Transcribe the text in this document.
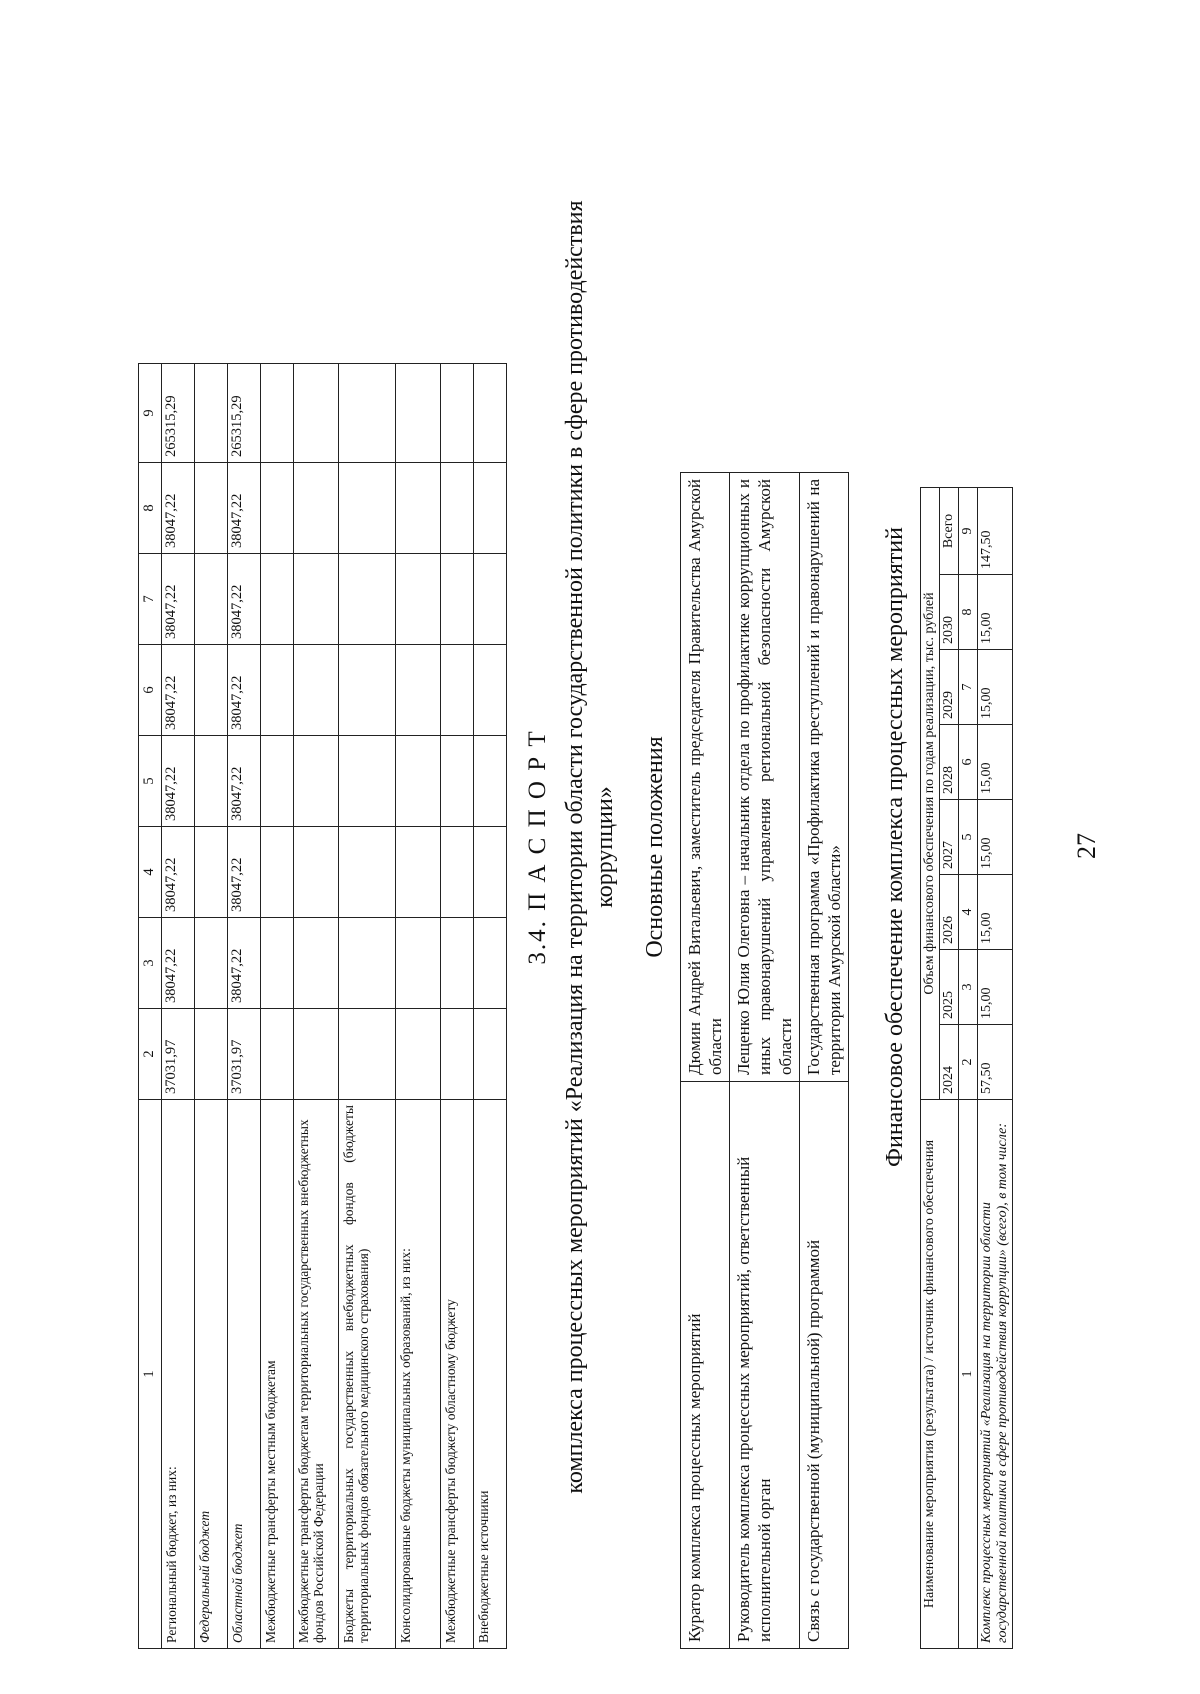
27
1	2	3	4	5	6	7	8	9
Региональный бюджет, из них:	37031,97	38047,22	38047,22	38047,22	38047,22	38047,22	38047,22	265315,29
Федеральный бюджет								
Областной бюджет	37031,97	38047,22	38047,22	38047,22	38047,22	38047,22	38047,22	265315,29
Межбюджетные трансферты местным бюджетам								
Межбюджетные трансферты бюджетам территориальных государственных внебюджетных фондов Российской Федерации								
Бюджеты территориальных государственных внебюджетных фондов (бюджеты территориальных фондов обязательного медицинского страхования)								
Консолидированные бюджеты муниципальных образований, из них:								
Межбюджетные трансферты бюджету областному бюджету								
Внебюджетные источники								
3.4. П А С П О Р Т комплекса процессных мероприятий «Реализация на территории области государственной политики в сфере противодействия коррупции» Основные положения
Куратор комплекса процессных мероприятий	Дюмин Андрей Витальевич, заместитель председателя Правительства Амурской области
Руководитель комплекса процессных мероприятий, ответственный исполнительной орган	Лещенко Юлия Олеговна – начальник отдела по профилактике коррупционных и иных правонарушений управления региональной безопасности Амурской области
Связь с государственной (муниципальной) программой	Государственная программа «Профилактика преступлений и правонарушений на территории Амурской области» Финансовое обеспечение комплекса процессных мероприятий
Наименование мероприятия (результата) / источник финансового обеспечения	Объем финансового обеспечения по годам реализации, тыс. рублей							
	2024	2025	2026	2027	2028	2029	2030	Всего
1	2	3	4	5	6	7	8	9
Комплекс процессных мероприятий «Реализация на территории области государственной политики в сфере противодействия коррупции» (всего), в том числе:	57,50	15,00	15,00	15,00	15,00	15,00	15,00	147,50
